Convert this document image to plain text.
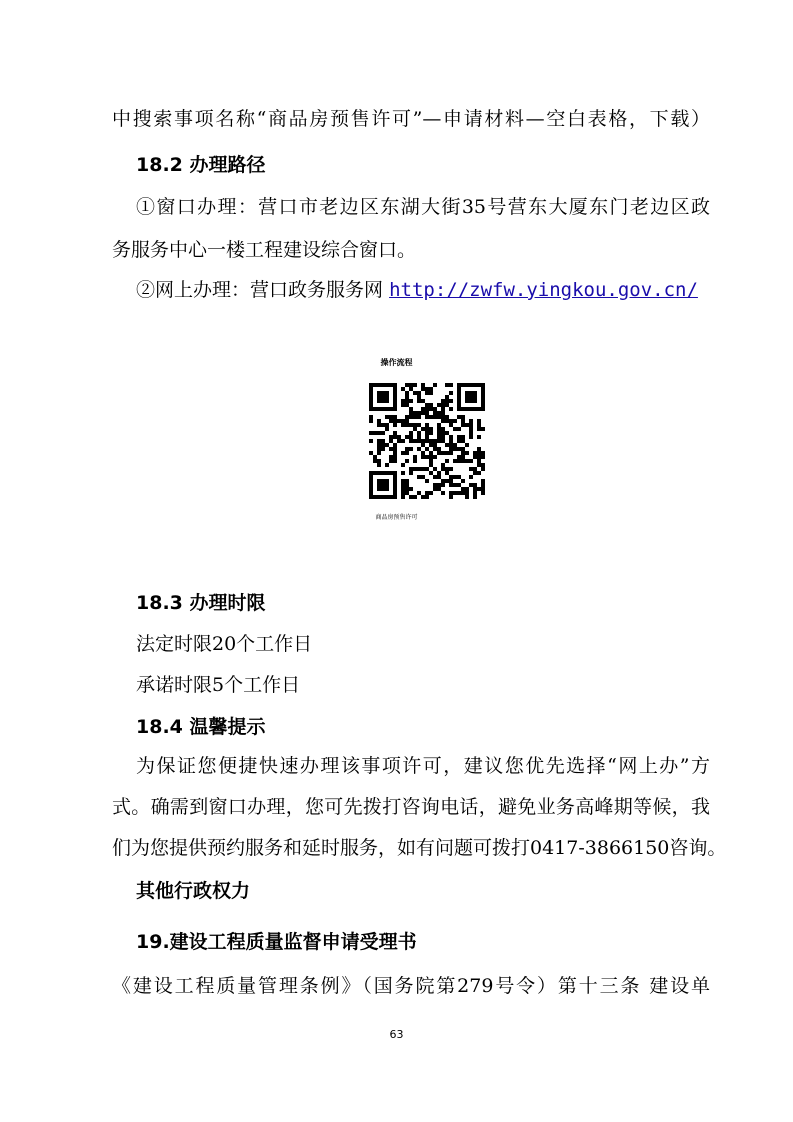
中搜索事项名称“商品房预售许可”—申请材料—空白表格，下载）
18.2 办理路径
①窗口办理：营口市老边区东湖大街35号营东大厦东门老边区政
务服务中心一楼工程建设综合窗口。
②网上办理：营口政务服务网 http://zwfw.yingkou.gov.cn/
操作流程
商品房预售许可
18.3 办理时限
法定时限20个工作日
承诺时限5个工作日
18.4 温馨提示
为保证您便捷快速办理该事项许可，建议您优先选择“网上办”方
式。确需到窗口办理，您可先拨打咨询电话，避免业务高峰期等候，我
们为您提供预约服务和延时服务，如有问题可拨打0417-3866150咨询。
其他行政权力
19.建设工程质量监督申请受理书
《建设工程质量管理条例》（国务院第279号令）第十三条 建设单
63
